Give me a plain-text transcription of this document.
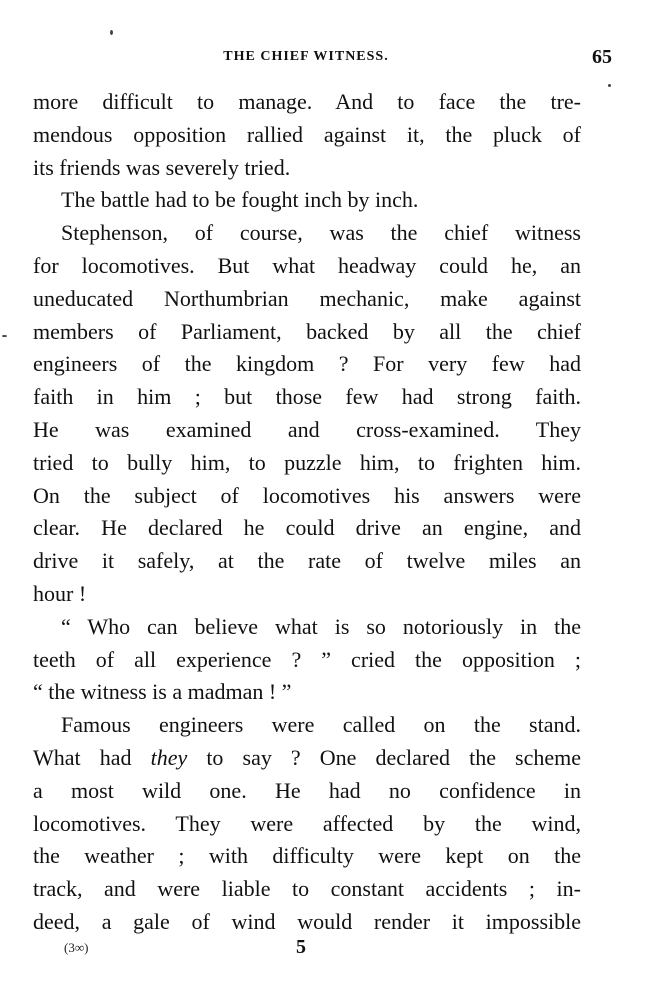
THE CHIEF WITNESS.	65
more difficult to manage. And to face the tre-
mendous opposition rallied against it, the pluck of
its friends was severely tried.
The battle had to be fought inch by inch.
Stephenson, of course, was the chief witness
for locomotives. But what headway could he, an
uneducated Northumbrian mechanic, make against
members of Parliament, backed by all the chief
engineers of the kingdom ? For very few had
faith in him ; but those few had strong faith.
He was examined and cross-examined. They
tried to bully him, to puzzle him, to frighten him.
On the subject of locomotives his answers were
clear. He declared he could drive an engine, and
drive it safely, at the rate of twelve miles an
hour !
“ Who can believe what is so notoriously in the
teeth of all experience ? ” cried the opposition ;
“ the witness is a madman ! ”
Famous engineers were called on the stand.
What had they to say ? One declared the scheme
a most wild one. He had no confidence in
locomotives. They were affected by the wind,
the weather ; with difficulty were kept on the
track, and were liable to constant accidents ; in-
deed, a gale of wind would render it impossible
(3∞)	5
